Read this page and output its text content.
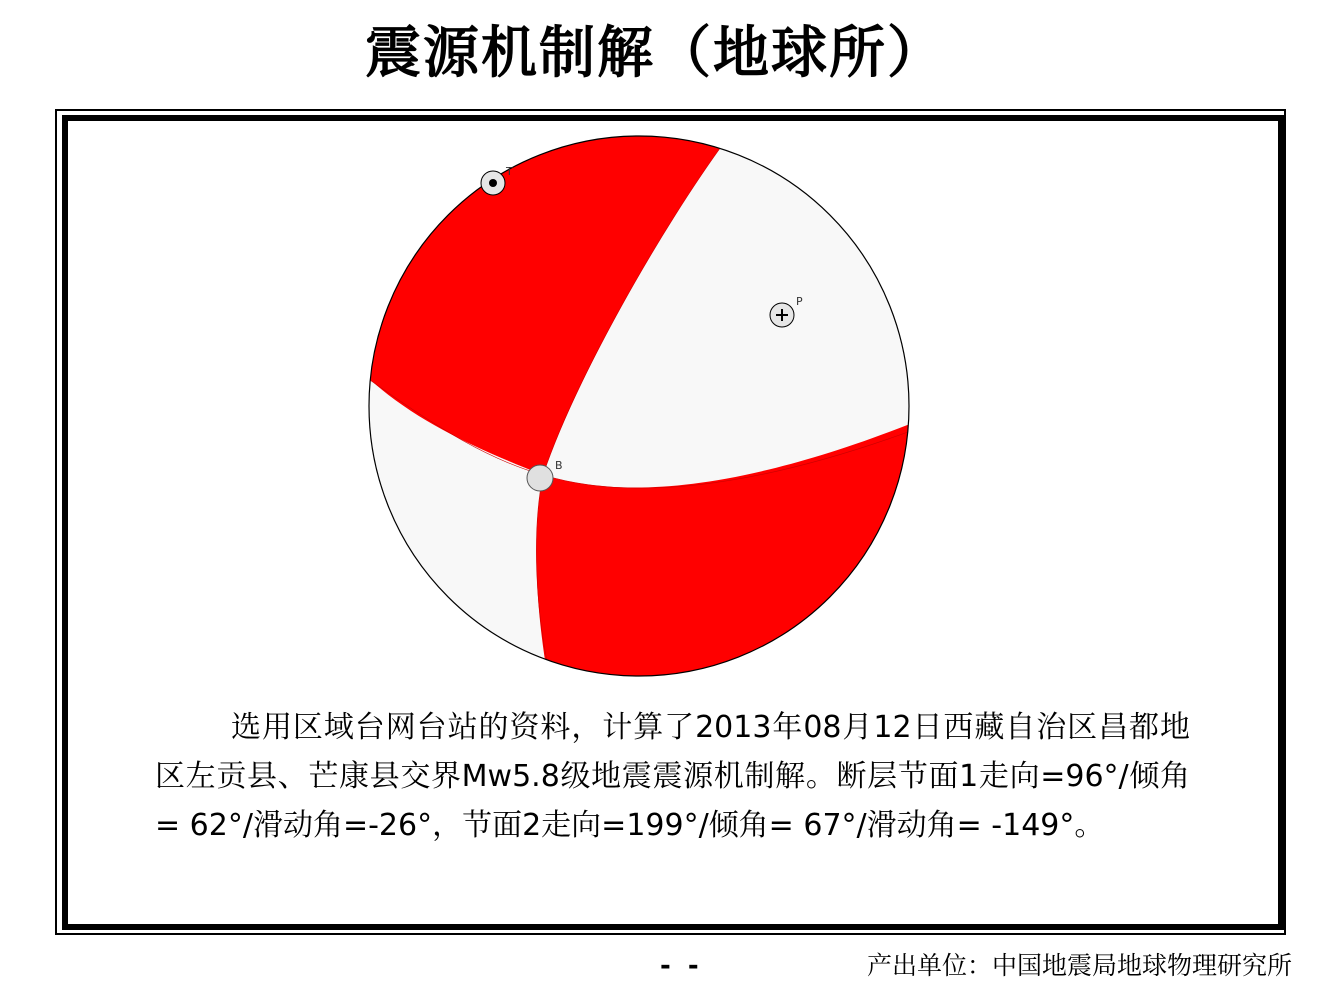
震源机制解（地球所）
T
P
B
选用区域台网台站的资料，计算了2013年08月12日西藏自治区昌都地区左贡县、芒康县交界Mw5.8级地震震源机制解。断层节面1走向=96°/倾角= 62°/滑动角=-26°，节面2走向=199°/倾角= 67°/滑动角= -149°。
- -	产出单位：中国地震局地球物理研究所
